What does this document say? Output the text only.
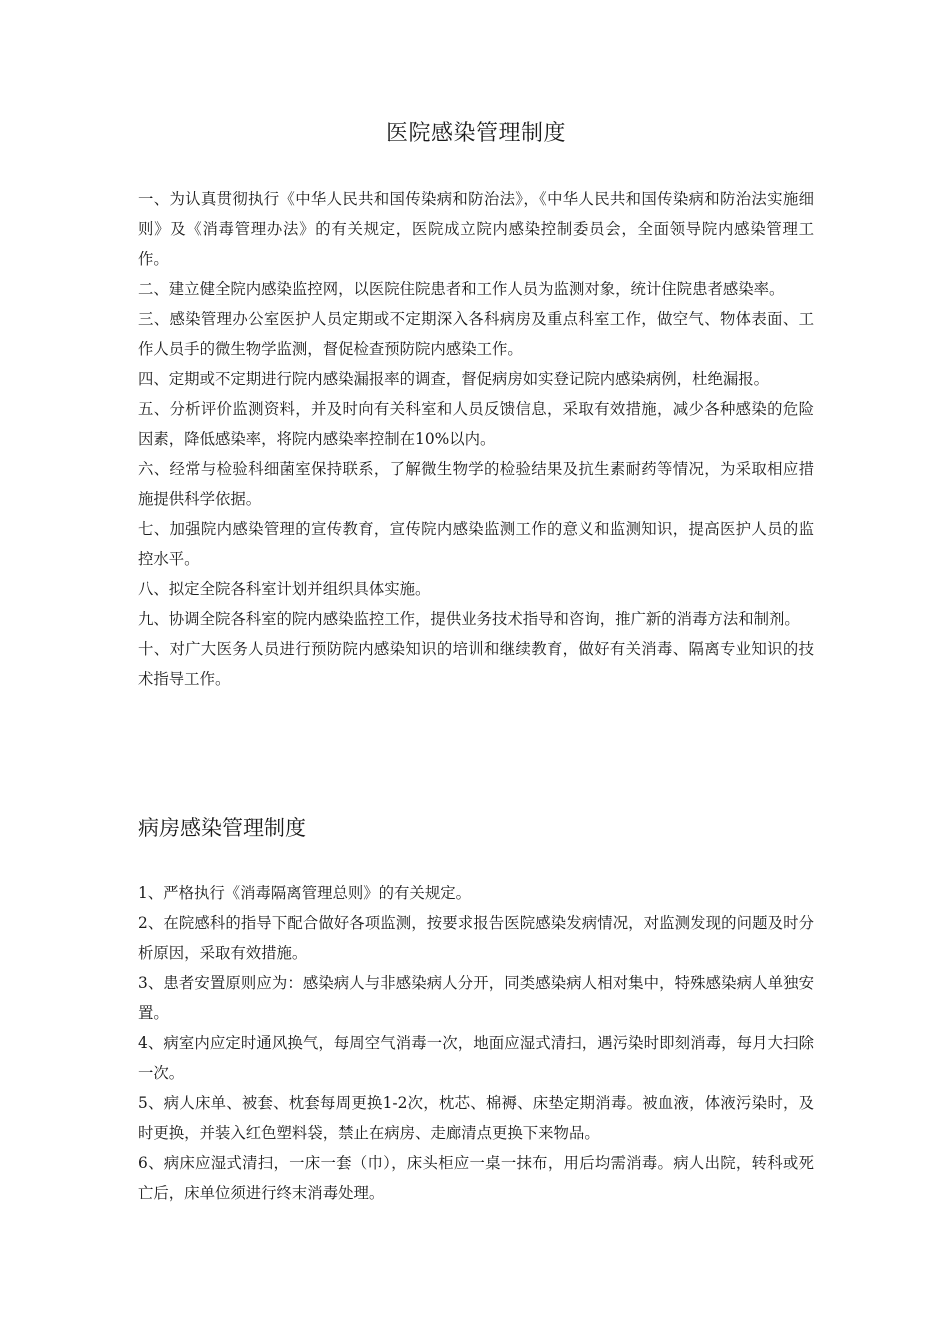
医院感染管理制度

一、为认真贯彻执行《中华人民共和国传染病和防治法》，《中华人民共和国传染病和防治法实施细则》及《消毒管理办法》的有关规定，医院成立院内感染控制委员会，全面领导院内感染管理工作。

二、建立健全院内感染监控网，以医院住院患者和工作人员为监测对象，统计住院患者感染率。

三、感染管理办公室医护人员定期或不定期深入各科病房及重点科室工作，做空气、物体表面、工作人员手的微生物学监测，督促检查预防院内感染工作。

四、定期或不定期进行院内感染漏报率的调查，督促病房如实登记院内感染病例，杜绝漏报。

五、分析评价监测资料，并及时向有关科室和人员反馈信息，采取有效措施，减少各种感染的危险因素，降低感染率，将院内感染率控制在10%以内。

六、经常与检验科细菌室保持联系，了解微生物学的检验结果及抗生素耐药等情况，为采取相应措施提供科学依据。

七、加强院内感染管理的宣传教育，宣传院内感染监测工作的意义和监测知识，提高医护人员的监控水平。

八、拟定全院各科室计划并组织具体实施。

九、协调全院各科室的院内感染监控工作，提供业务技术指导和咨询，推广新的消毒方法和制剂。

十、对广大医务人员进行预防院内感染知识的培训和继续教育，做好有关消毒、隔离专业知识的技术指导工作。

病房感染管理制度

1、严格执行《消毒隔离管理总则》的有关规定。

2、在院感科的指导下配合做好各项监测，按要求报告医院感染发病情况，对监测发现的问题及时分析原因，采取有效措施。

3、患者安置原则应为：感染病人与非感染病人分开，同类感染病人相对集中，特殊感染病人单独安置。

4、病室内应定时通风换气，每周空气消毒一次，地面应湿式清扫，遇污染时即刻消毒，每月大扫除一次。

5、病人床单、被套、枕套每周更换1-2次，枕芯、棉褥、床垫定期消毒。被血液，体液污染时，及时更换，并装入红色塑料袋，禁止在病房、走廊清点更换下来物品。

6、病床应湿式清扫，一床一套（巾），床头柜应一桌一抹布，用后均需消毒。病人出院，转科或死亡后，床单位须进行终末消毒处理。
